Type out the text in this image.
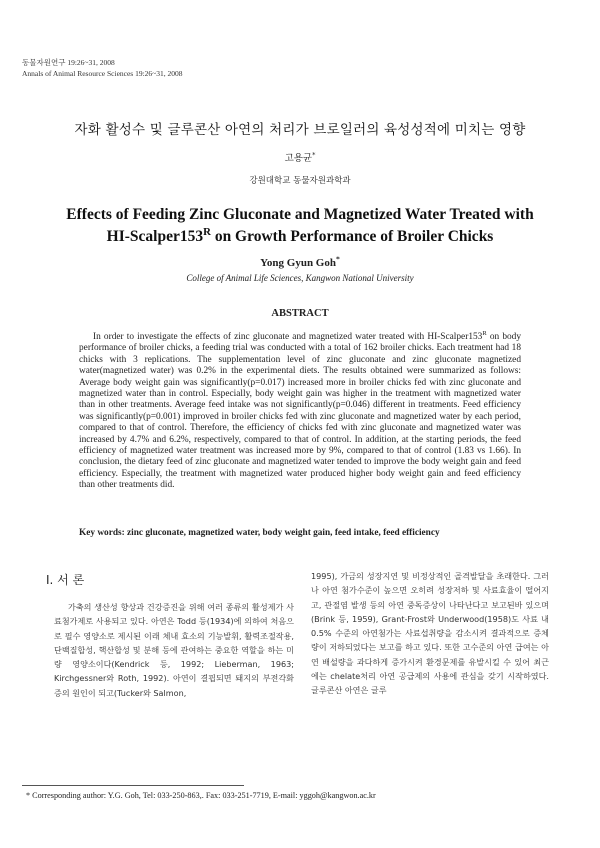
동물자원연구 19:26~31, 2008
Annals of Animal Resource Sciences 19:26~31, 2008
자화 활성수 및 글루콘산 아연의 처리가 브로일러의 육성성적에 미치는 영향
고용균*
강원대학교 동물자원과학과
Effects of Feeding Zinc Gluconate and Magnetized Water Treated with
$HI-Scalper153^R$ on Growth Performance of Broiler Chicks
Yong Gyun Goh*
College of Animal Life Sciences, Kangwon National University
ABSTRACT
In order to investigate the effects of zinc gluconate and magnetized water treated with $HI-Scalper153^R$ on body performance of broiler chicks, a feeding trial was conducted with a total of 162 broiler chicks. Each treatment had 18 chicks with 3 replications. The supplementation level of zinc gluconate and zinc gluconate magnetized water(magnetized water) was 0.2% in the experimental diets. The results obtained were summarized as follows: Average body weight gain was significantly(p=0.017) increased more in broiler chicks fed with zinc gluconate and magnetized water than in control. Especially, body weight gain was higher in the treatment with magnetized water than in other treatments. Average feed intake was not significantly(p=0.046) different in treatments. Feed efficiency was significantly(p=0.001) improved in broiler chicks fed with zinc gluconate and magnetized water by each period, compared to that of control. Therefore, the efficiency of chicks fed with zinc gluconate and magnetized water was increased by 4.7% and 6.2%, respectively, compared to that of control. In addition, at the starting periods, the feed efficiency of magnetized water treatment was increased more by 9%, compared to that of control (1.83 vs 1.66). In conclusion, the dietary feed of zinc gluconate and magnetized water tended to improve the body weight gain and feed efficiency. Especially, the treatment with magnetized water produced higher body weight gain and feed efficiency than other treatments did.
Key words: zinc gluconate, magnetized water, body weight gain, feed intake, feed efficiency
Ⅰ. 서 론
가축의 생산성 향상과 건강증진을 위해 여러 종류의 활성제가 사료첨가제로 사용되고 있다. 아연은 Todd 등(1934)에 의하여 처음으로 필수 영양소로 제시된 이래 체내 효소의 기능발휘, 활력조절작용, 단백질합성, 핵산합성 및 분해 등에 관여하는 중요한 역할을 하는 미량 영양소이다(Kendrick 등, 1992; Lieberman, 1963; Kirchgessner와 Roth, 1992). 아연이 결핍되면 돼지의 부전각화증의 원인이 되고(Tucker와 Salmon,
1995), 가금의 성장지연 및 비정상적인 골격발달을 초래한다. 그러나 아연 첨가수준이 높으면 오히려 성장저하 및 사료효율이 떨어지고, 관절염 발생 등의 아연 중독증상이 나타난다고 보고된바 있으며(Brink 등, 1959), Grant-Frost와 Underwood(1958)도 사료 내 0.5% 수준의 아연첨가는 사료섭취량을 감소시켜 결과적으로 증체량이 저하되었다는 보고를 하고 있다. 또한 고수준의 아연 급여는 아연 배설량을 과다하게 증가시켜 환경문제를 유발시킬 수 있어 최근에는 chelate처리 아연 공급제의 사용에 관심을 갖기 시작하였다. 글루콘산 아연은 글루
* Corresponding author: Y.G. Goh, Tel: 033-250-863,. Fax: 033-251-7719, E-mail: yggoh@kangwon.ac.kr
